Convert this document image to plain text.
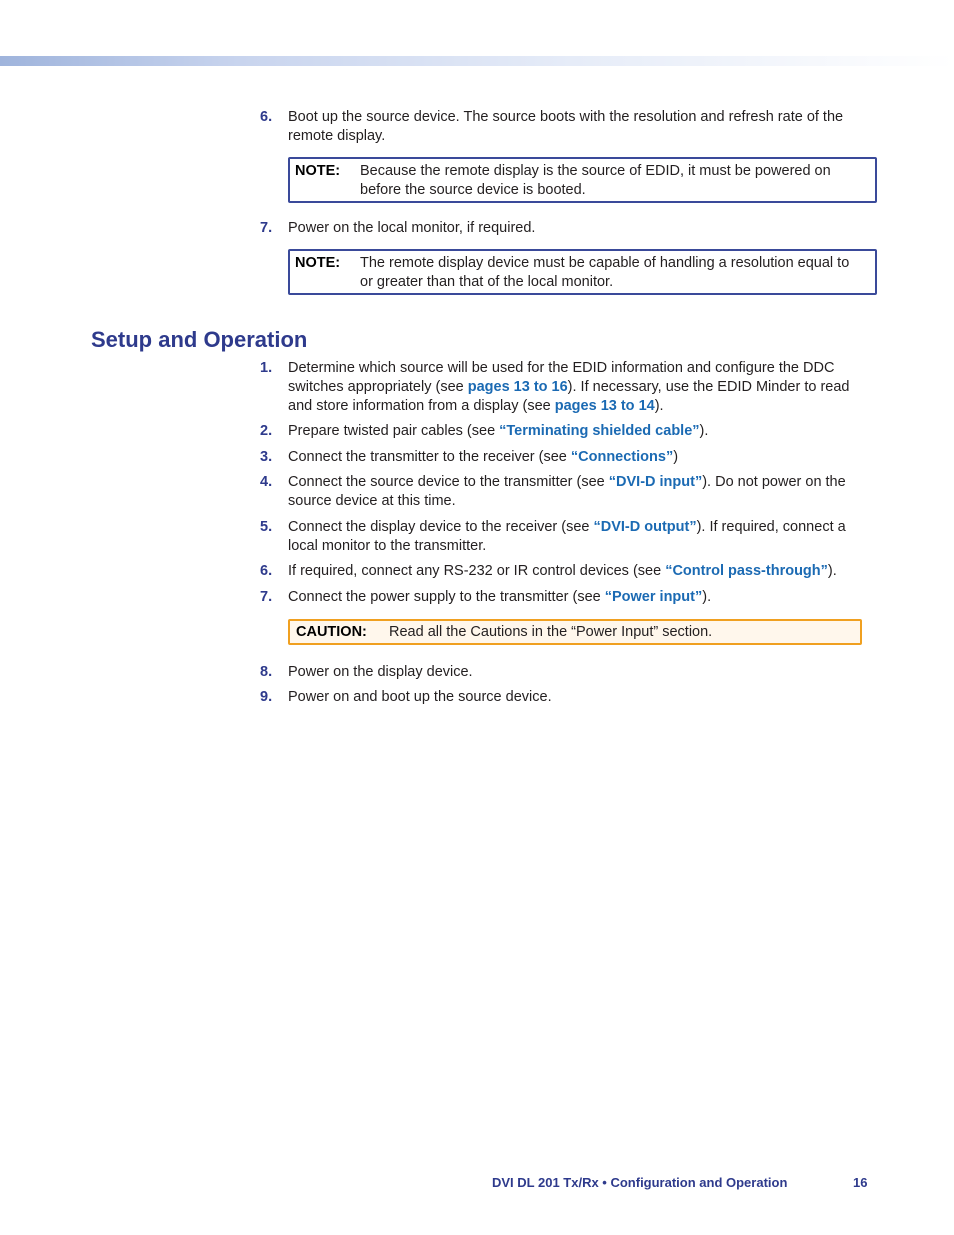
6.	Boot up the source device. The source boots with the resolution and refresh rate of the remote display.
NOTE: Because the remote display is the source of EDID, it must be powered on before the source device is booted.
7.	Power on the local monitor, if required.
NOTE: The remote display device must be capable of handling a resolution equal to or greater than that of the local monitor.
Setup and Operation
1.	Determine which source will be used for the EDID information and configure the DDC switches appropriately (see pages 13 to 16). If necessary, use the EDID Minder to read and store information from a display (see pages 13 to 14).
2.	Prepare twisted pair cables (see “Terminating shielded cable”).
3.	Connect the transmitter to the receiver (see “Connections”)
4.	Connect the source device to the transmitter (see “DVI-D input”). Do not power on the source device at this time.
5.	Connect the display device to the receiver (see “DVI-D output”). If required, connect a local monitor to the transmitter.
6.	If required, connect any RS-232 or IR control devices (see “Control pass-through”).
7.	Connect the power supply to the transmitter (see “Power input”).
CAUTION: Read all the Cautions in the “Power Input” section.
8.	Power on the display device.
9.	Power on and boot up the source device.
DVI DL 201 Tx/Rx • Configuration and Operation	16
